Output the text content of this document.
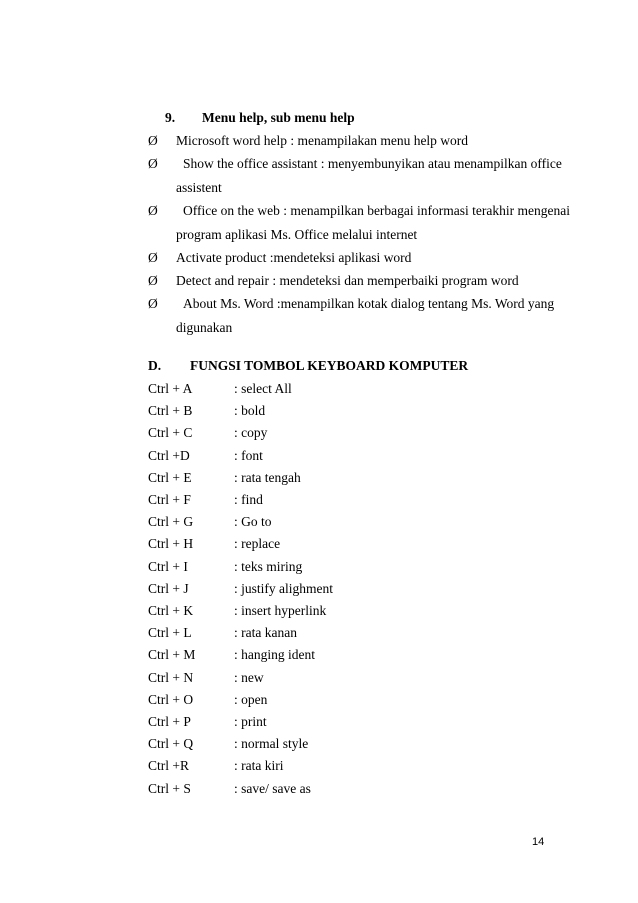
9. Menu help, sub menu help
Ø Microsoft word help : menampilakan menu help word
Ø	Show the office assistant : menyembunyikan atau menampilkan office
assistent
Ø	Office on the web : menampilkan berbagai informasi terakhir mengenai
program aplikasi Ms. Office melalui internet
Ø Activate product :mendeteksi aplikasi word
Ø Detect and repair : mendeteksi dan memperbaiki program word
Ø	About Ms. Word :menampilkan kotak dialog tentang Ms. Word yang
digunakan
D. FUNGSI TOMBOL KEYBOARD KOMPUTER
Ctrl + A	: select All
Ctrl + B	: bold
Ctrl + C	: copy
Ctrl +D	: font
Ctrl + E	: rata tengah
Ctrl + F	: find
Ctrl + G	: Go to
Ctrl + H	: replace
Ctrl + I	: teks miring
Ctrl + J	: justify alighment
Ctrl + K	: insert hyperlink
Ctrl + L	: rata kanan
Ctrl + M	: hanging ident
Ctrl + N	: new
Ctrl + O	: open
Ctrl + P	: print
Ctrl + Q	: normal style
Ctrl +R	: rata kiri
Ctrl + S	: save/ save as
14
